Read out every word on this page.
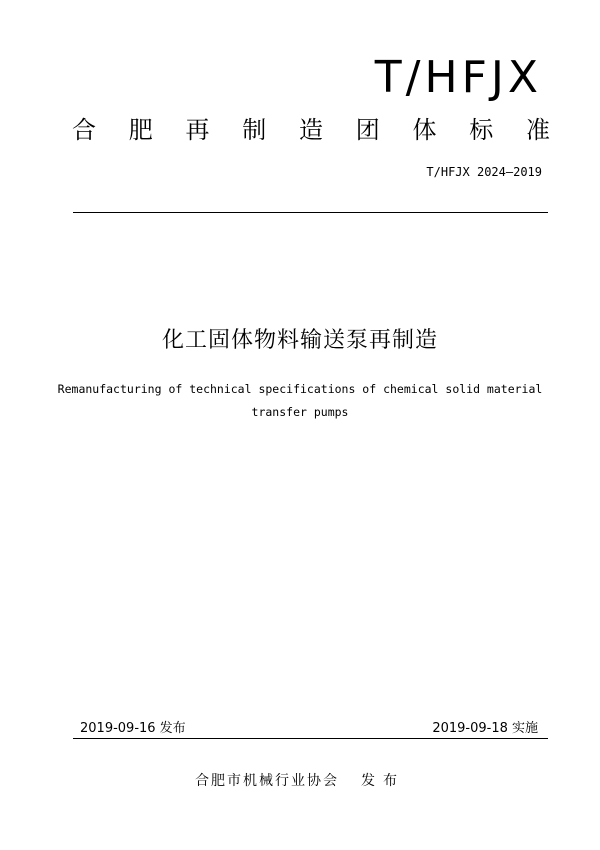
T/HFJX
合 肥 再 制 造 团 体 标 准
T/HFJX 2024—2019
化工固体物料输送泵再制造
Remanufacturing of technical specifications of chemical solid material
transfer pumps
2019-09-16 发布	2019-09-18 实施
合肥市机械行业协会 发布
